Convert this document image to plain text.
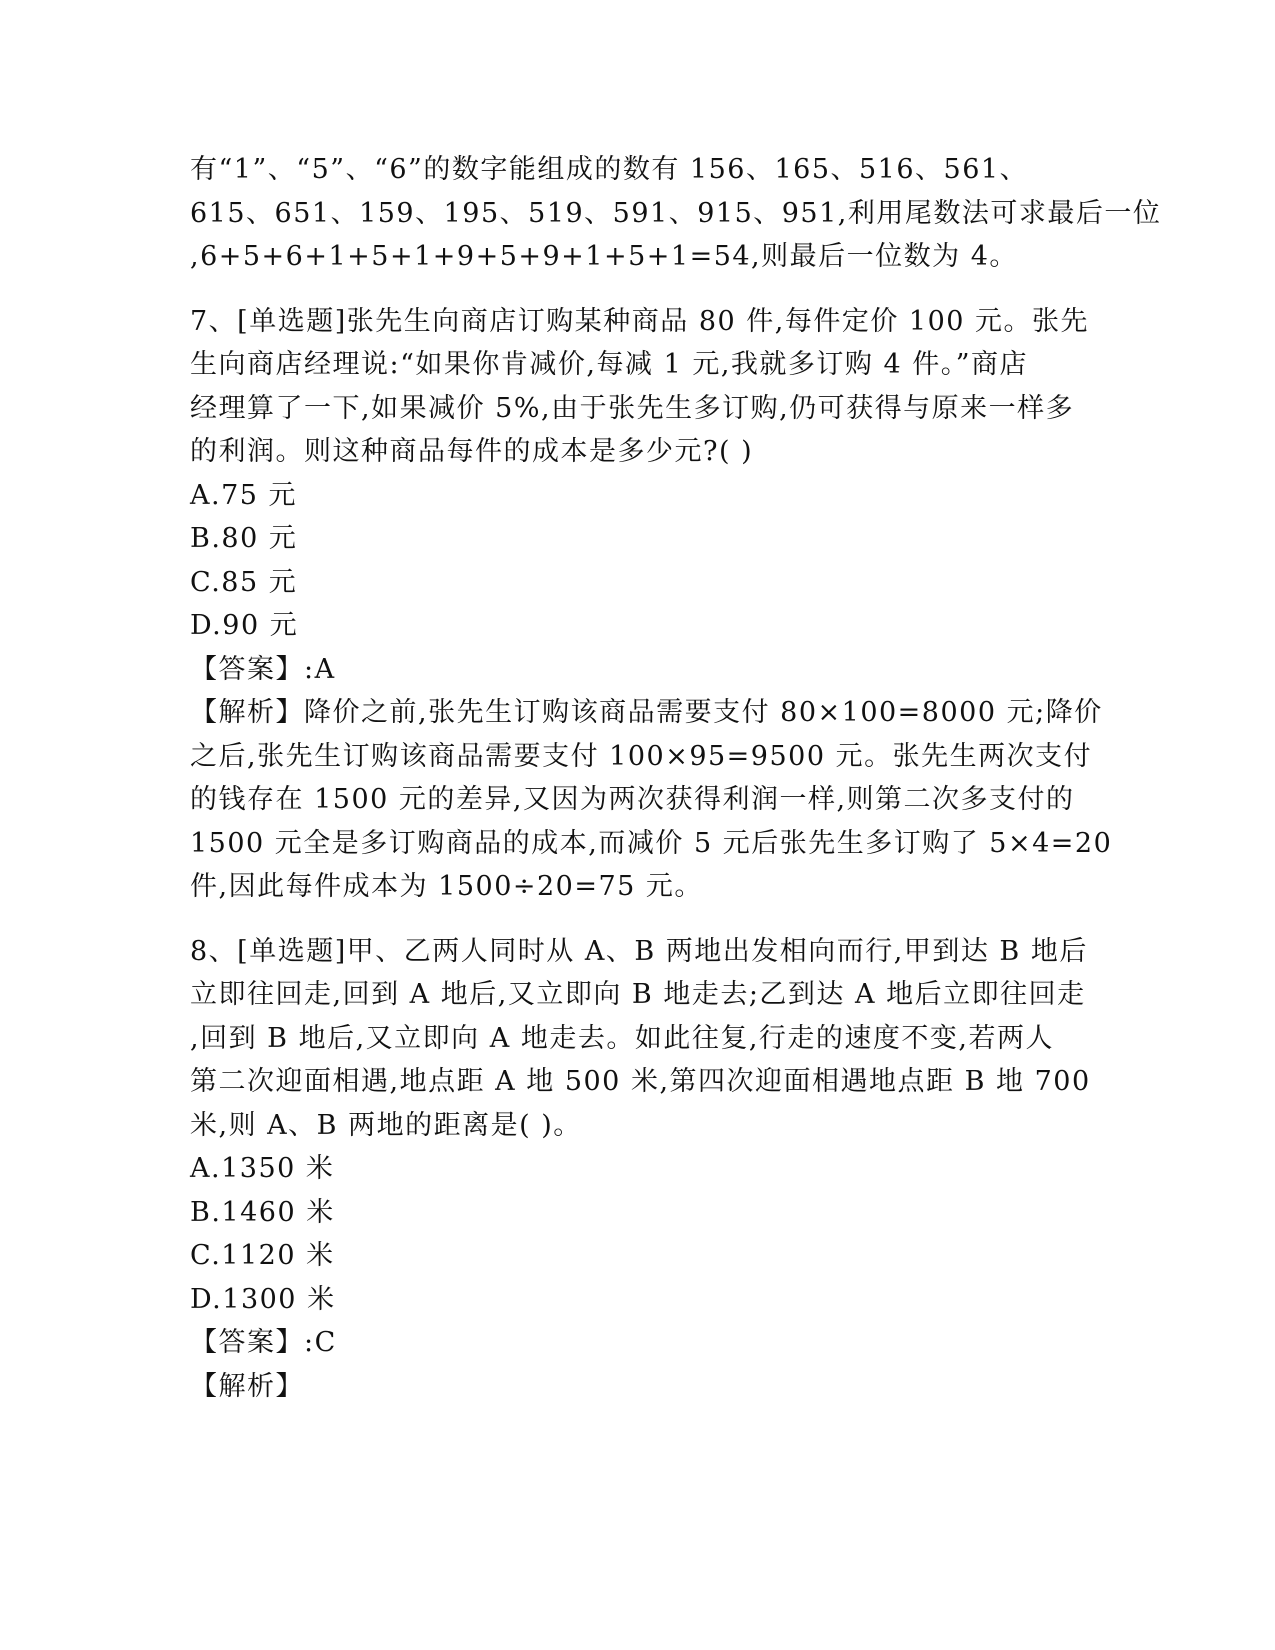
有“1”、“5”、“6”的数字能组成的数有 156、165、516、561、
615、651、159、195、519、591、915、951,利用尾数法可求最后一位
,6+5+6+1+5+1+9+5+9+1+5+1=54,则最后一位数为 4。
7、[单选题]张先生向商店订购某种商品 80 件,每件定价 100 元。张先
生向商店经理说:“如果你肯减价,每减 1 元,我就多订购 4 件。”商店
经理算了一下,如果减价 5%,由于张先生多订购,仍可获得与原来一样多
的利润。则这种商品每件的成本是多少元?( )
A.75 元
B.80 元
C.85 元
D.90 元
【答案】:A
【解析】降价之前,张先生订购该商品需要支付 80×100=8000 元;降价
之后,张先生订购该商品需要支付 100×95=9500 元。张先生两次支付
的钱存在 1500 元的差异,又因为两次获得利润一样,则第二次多支付的
1500 元全是多订购商品的成本,而减价 5 元后张先生多订购了 5×4=20
件,因此每件成本为 1500÷20=75 元。
8、[单选题]甲、乙两人同时从 A、B 两地出发相向而行,甲到达 B 地后
立即往回走,回到 A 地后,又立即向 B 地走去;乙到达 A 地后立即往回走
,回到 B 地后,又立即向 A 地走去。如此往复,行走的速度不变,若两人
第二次迎面相遇,地点距 A 地 500 米,第四次迎面相遇地点距 B 地 700
米,则 A、B 两地的距离是( )。
A.1350 米
B.1460 米
C.1120 米
D.1300 米
【答案】:C
【解析】
